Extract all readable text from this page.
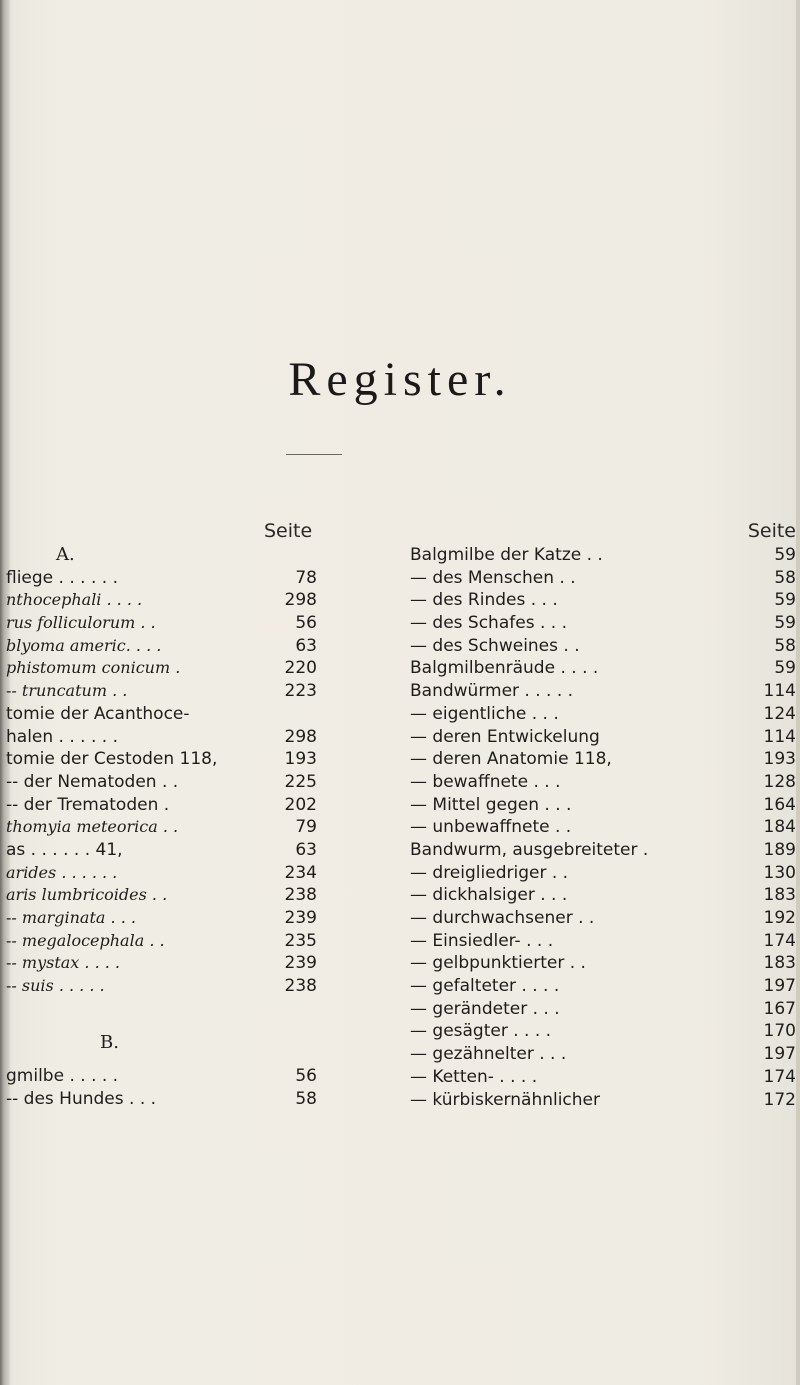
Register.
Seite
A.
fliege . . . . . .	78
nthocephali . . . .	298
rus folliculorum . .	56
blyoma americ. . . .	63
phistomum conicum .	220
-- truncatum . .	223
tomie der Acanthoce-
halen . . . . . .	298
tomie der Cestoden 118,	193
-- der Nematoden . .	225
-- der Trematoden .	202
thomyia meteorica . .	79
as . . . . . . 41,	63
arides . . . . . .	234
aris lumbricoides . .	238
-- marginata . . .	239
-- megalocephala . .	235
-- mystax . . . .	239
-- suis . . . . .	238
B.
gmilbe . . . . .	56
-- des Hundes . . .	58
Seite
Balgmilbe der Katze . .	59
— des Menschen . .	58
— des Rindes . . .	59
— des Schafes . . .	59
— des Schweines . .	58
Balgmilbenräude . . . .	59
Bandwürmer . . . . .	114
— eigentliche . . .	124
— deren Entwickelung	114
— deren Anatomie 118,	193
— bewaffnete . . .	128
— Mittel gegen . . .	164
— unbewaffnete . .	184
Bandwurm, ausgebreiteter .	189
— dreigliedriger . .	130
— dickhalsiger . . .	183
— durchwachsener . .	192
— Einsiedler- . . .	174
— gelbpunktierter . .	183
— gefalteter . . . .	197
— gerändeter . . .	167
— gesägter . . . .	170
— gezähnelter . . .	197
— Ketten- . . . .	174
— kürbiskernähnlicher	172
